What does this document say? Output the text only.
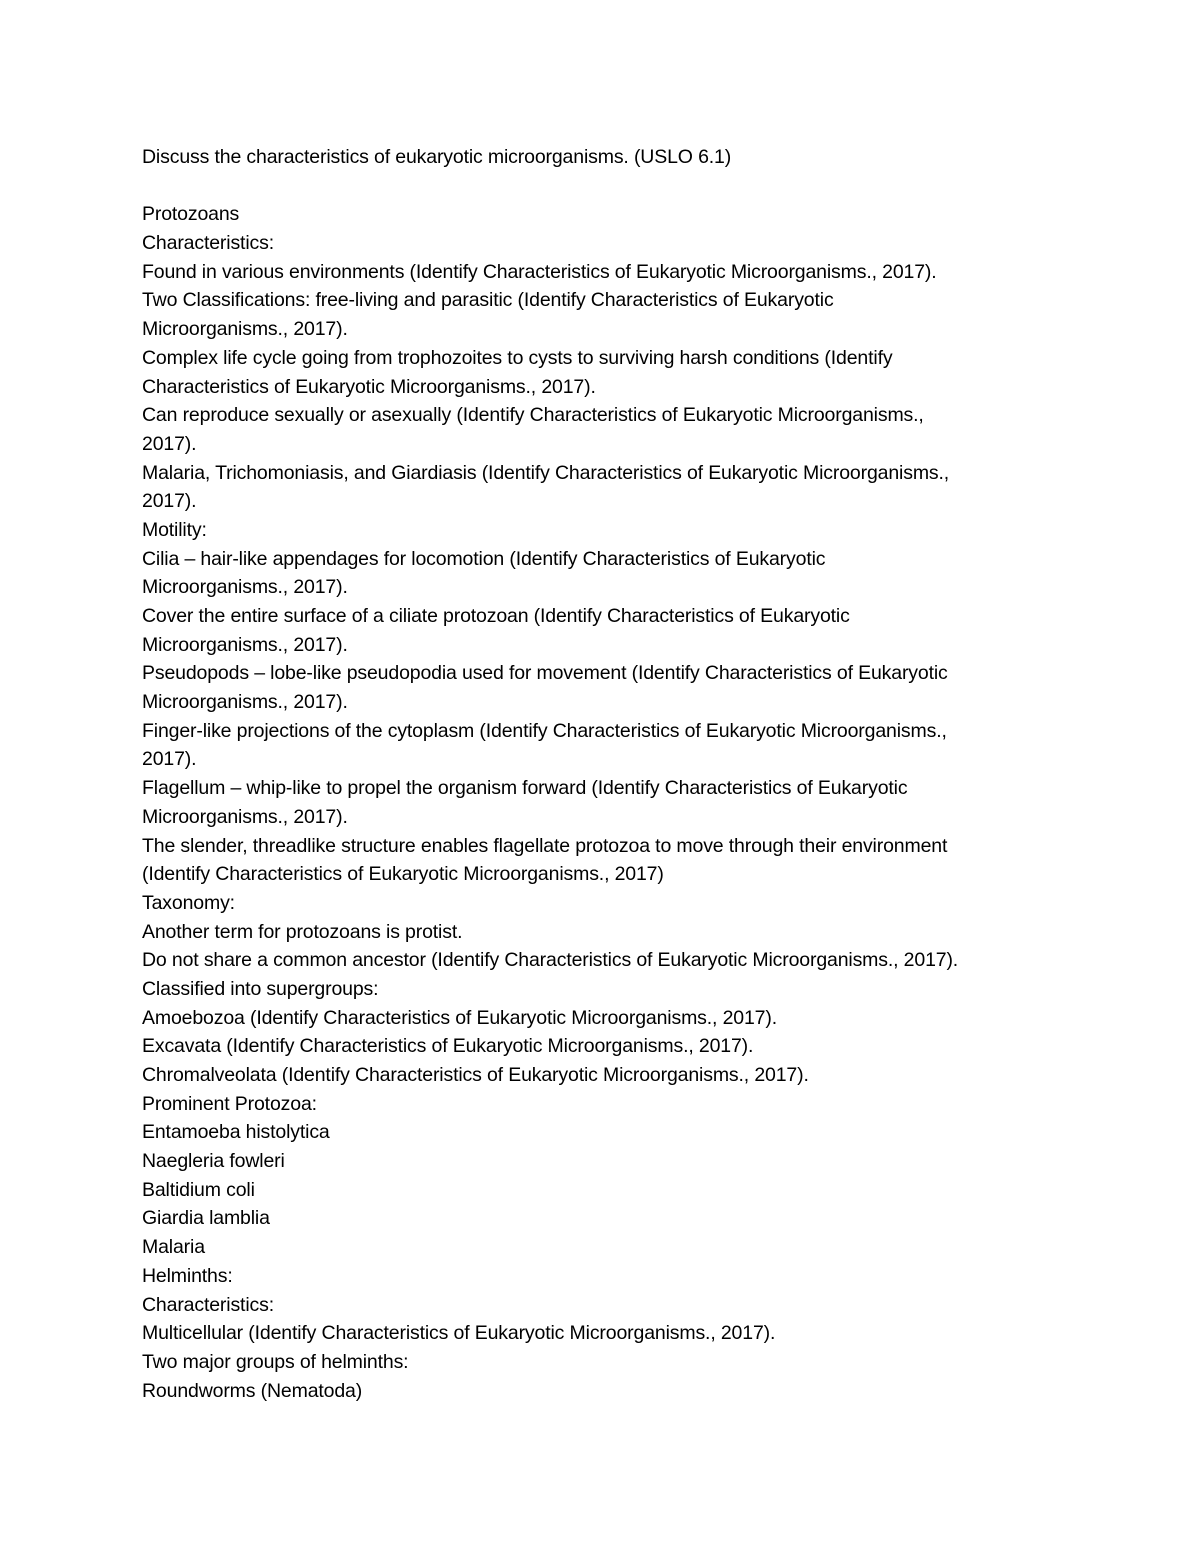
Discuss the characteristics of eukaryotic microorganisms. (USLO 6.1)
Protozoans
Characteristics:
Found in various environments (Identify Characteristics of Eukaryotic Microorganisms., 2017).
Two Classifications: free-living and parasitic (Identify Characteristics of Eukaryotic
Microorganisms., 2017).
Complex life cycle going from trophozoites to cysts to surviving harsh conditions (Identify
Characteristics of Eukaryotic Microorganisms., 2017).
Can reproduce sexually or asexually (Identify Characteristics of Eukaryotic Microorganisms.,
2017).
Malaria, Trichomoniasis, and Giardiasis (Identify Characteristics of Eukaryotic Microorganisms.,
2017).
Motility:
Cilia – hair-like appendages for locomotion (Identify Characteristics of Eukaryotic
Microorganisms., 2017).
Cover the entire surface of a ciliate protozoan (Identify Characteristics of Eukaryotic
Microorganisms., 2017).
Pseudopods – lobe-like pseudopodia used for movement (Identify Characteristics of Eukaryotic
Microorganisms., 2017).
Finger-like projections of the cytoplasm (Identify Characteristics of Eukaryotic Microorganisms.,
2017).
Flagellum – whip-like to propel the organism forward (Identify Characteristics of Eukaryotic
Microorganisms., 2017).
The slender, threadlike structure enables flagellate protozoa to move through their environment
(Identify Characteristics of Eukaryotic Microorganisms., 2017)
Taxonomy:
Another term for protozoans is protist.
Do not share a common ancestor (Identify Characteristics of Eukaryotic Microorganisms., 2017).
Classified into supergroups:
Amoebozoa (Identify Characteristics of Eukaryotic Microorganisms., 2017).
Excavata (Identify Characteristics of Eukaryotic Microorganisms., 2017).
Chromalveolata (Identify Characteristics of Eukaryotic Microorganisms., 2017).
Prominent Protozoa:
Entamoeba histolytica
Naegleria fowleri
Baltidium coli
Giardia lamblia
Malaria
Helminths:
Characteristics:
Multicellular (Identify Characteristics of Eukaryotic Microorganisms., 2017).
Two major groups of helminths:
Roundworms (Nematoda)
